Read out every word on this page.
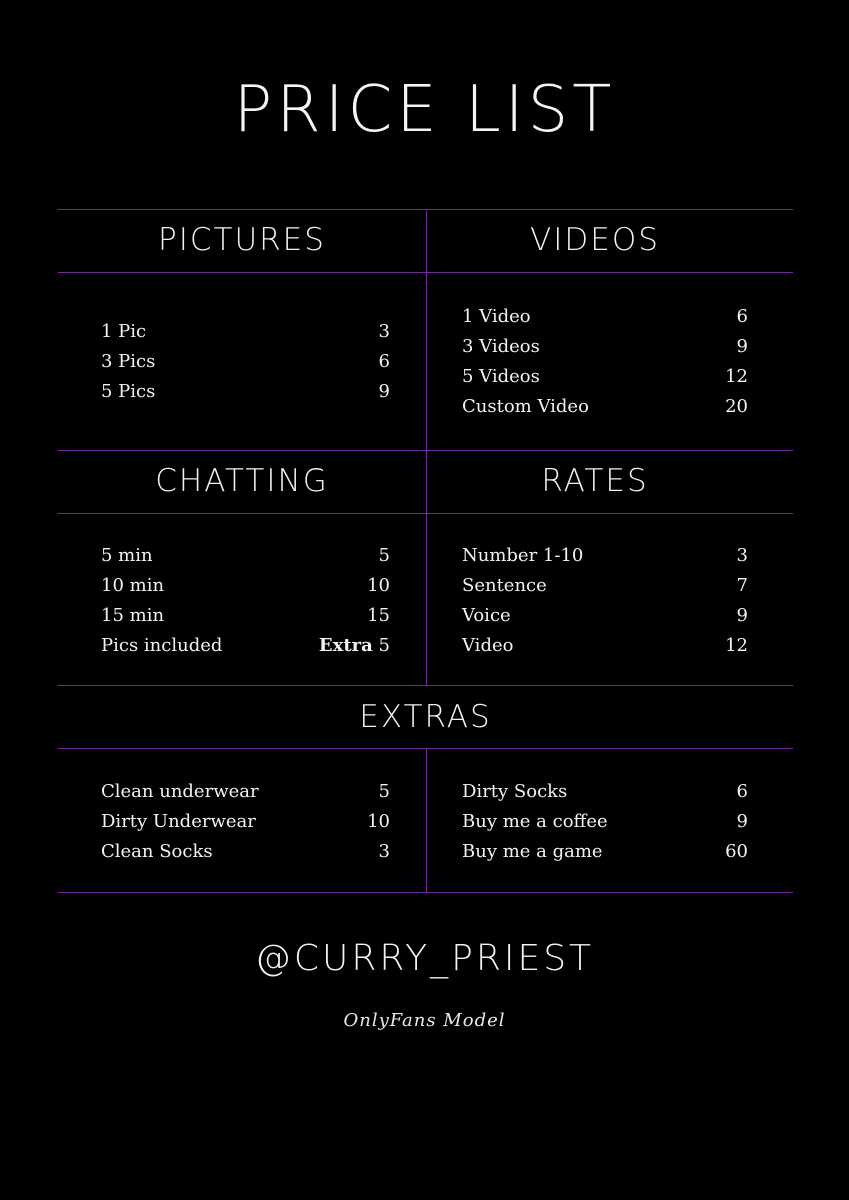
PRICE LIST
PICTURES	VIDEOS
CHATTING	RATES
EXTRAS
1 Pic	3
3 Pics	6
5 Pics	9
1 Video	6
3 Videos	9
5 Videos	12
Custom Video	20
5 min	5
10 min	10
15 min	15
Pics included	Extra 5
Number 1-10	3
Sentence	7
Voice	9
Video	12
Clean underwear	5
Dirty Underwear	10
Clean Socks	3
Dirty Socks	6
Buy me a coffee	9
Buy me a game	60
@CURRY_PRIEST
OnlyFans Model
